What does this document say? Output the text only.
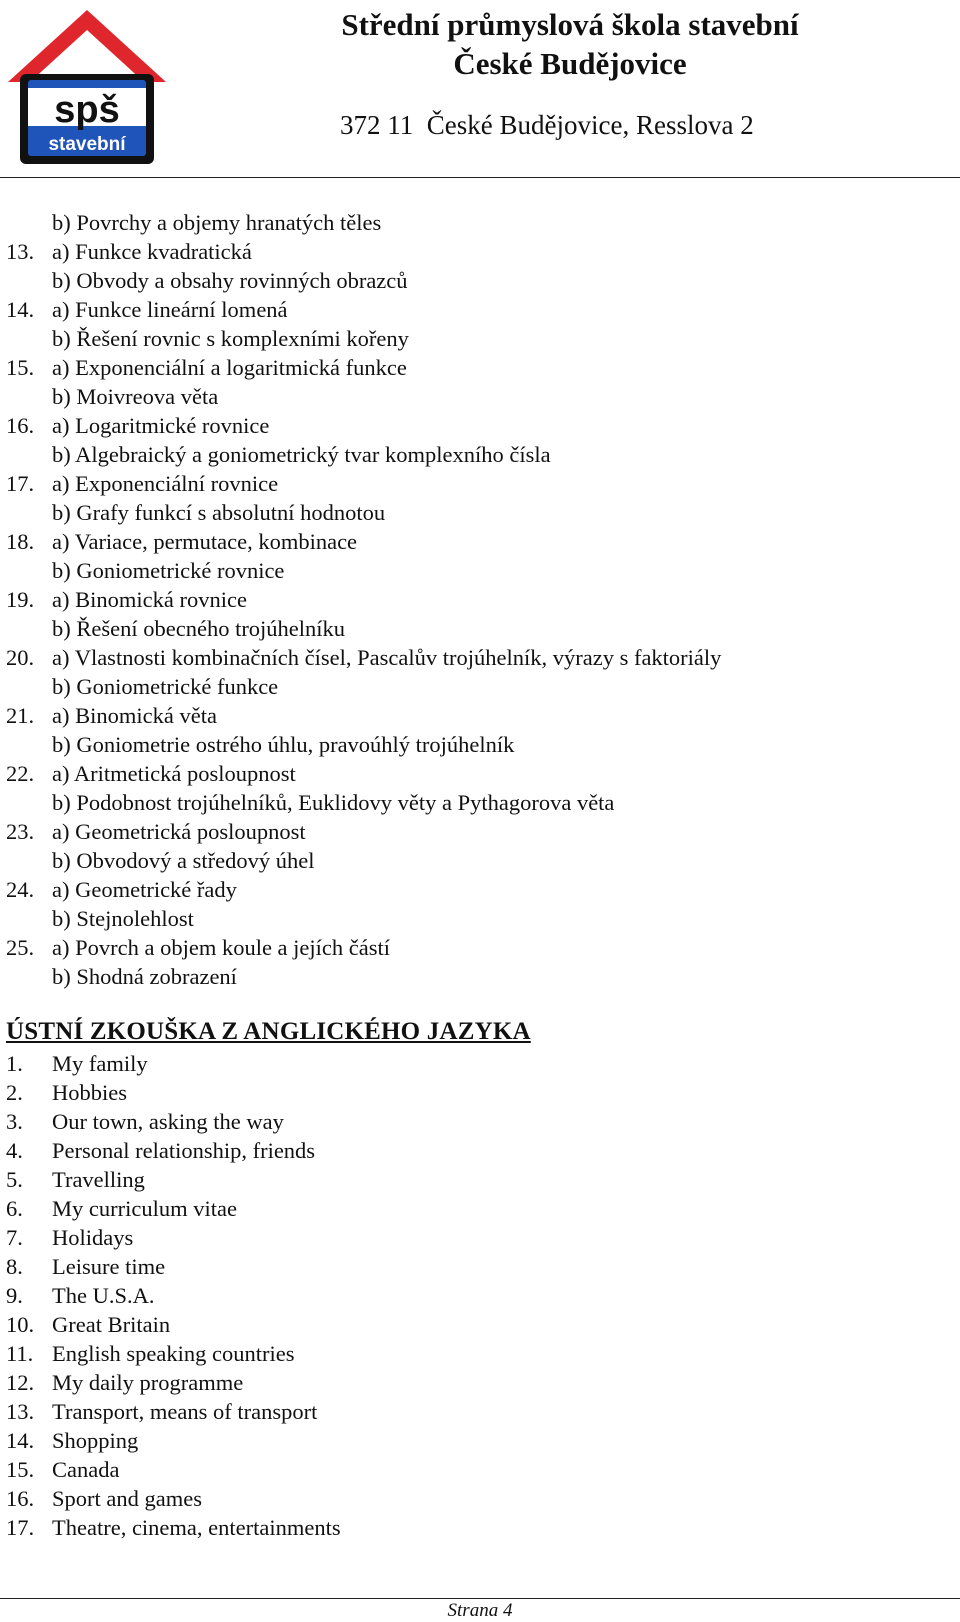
spš
stavební
Střední průmyslová škola stavební
České Budějovice
372 11  České Budějovice, Resslova 2
b) Povrchy a objemy hranatých těles
13. a) Funkce kvadratická
b) Obvody a obsahy rovinných obrazců
14. a) Funkce lineární lomená
b) Řešení rovnic s komplexními kořeny
15. a) Exponenciální a logaritmická funkce
b) Moivreova věta
16. a) Logaritmické rovnice
b) Algebraický a goniometrický tvar komplexního čísla
17. a) Exponenciální rovnice
b) Grafy funkcí s absolutní hodnotou
18. a) Variace, permutace, kombinace
b) Goniometrické rovnice
19. a) Binomická rovnice
b) Řešení obecného trojúhelníku
20. a) Vlastnosti kombinačních čísel, Pascalův trojúhelník, výrazy s faktoriály
b) Goniometrické funkce
21. a) Binomická věta
b) Goniometrie ostrého úhlu, pravoúhlý trojúhelník
22. a) Aritmetická posloupnost
b) Podobnost trojúhelníků, Euklidovy věty a Pythagorova věta
23. a) Geometrická posloupnost
b) Obvodový a středový úhel
24. a) Geometrické řady
b) Stejnolehlost
25. a) Povrch a objem koule a jejích částí
b) Shodná zobrazení
ÚSTNÍ ZKOUŠKA Z ANGLICKÉHO JAZYKA
1. My family
2. Hobbies
3. Our town, asking the way
4. Personal relationship, friends
5. Travelling
6. My curriculum vitae
7. Holidays
8. Leisure time
9. The U.S.A.
10. Great Britain
11. English speaking countries
12. My daily programme
13. Transport, means of transport
14. Shopping
15. Canada
16. Sport and games
17. Theatre, cinema, entertainments
Strana 4
